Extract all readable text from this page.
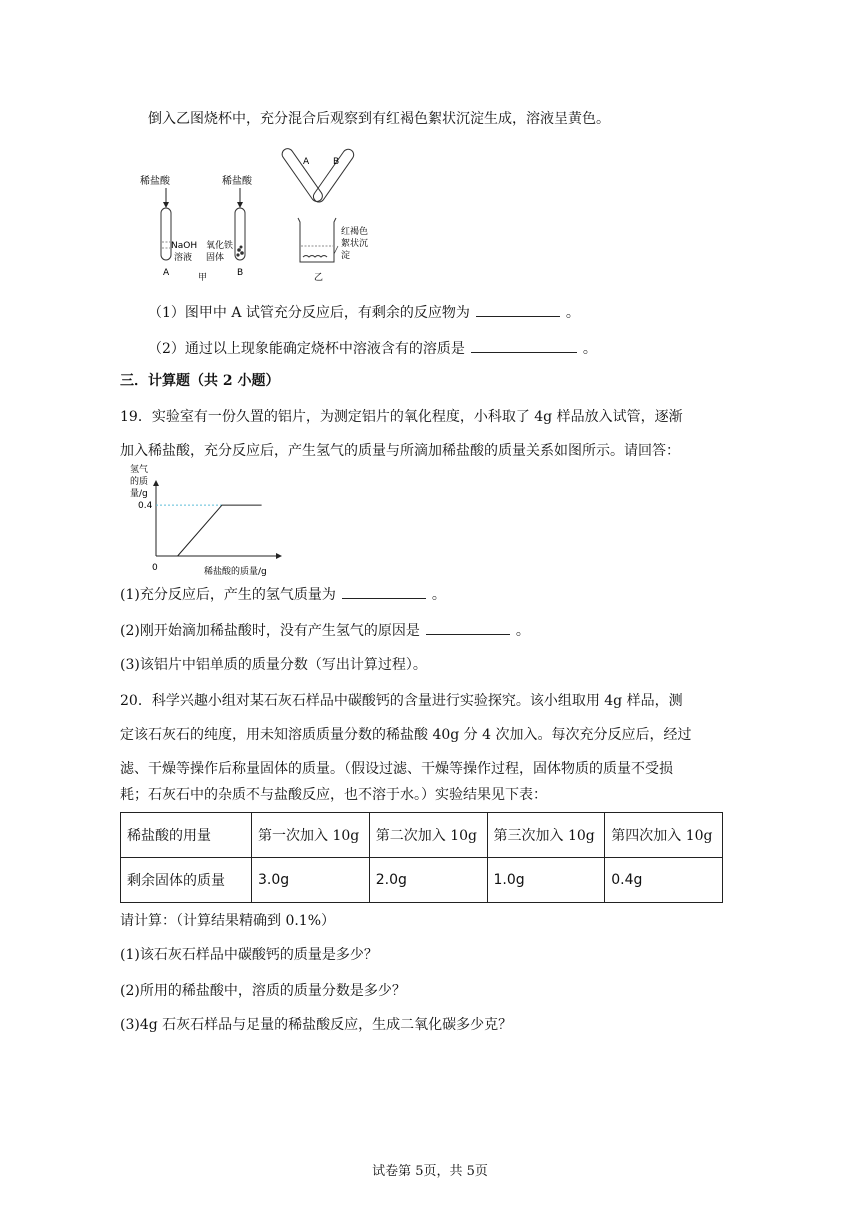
倒入乙图烧杯中，充分混合后观察到有红褐色絮状沉淀生成，溶液呈黄色。
稀盐酸
NaOH
溶液
A
稀盐酸
氧化铁
固体
B
甲
A	B
红褐色
絮状沉
淀
乙
（1）图甲中 A 试管充分反应后，有剩余的反应物为	。
（2）通过以上现象能确定烧杯中溶液含有的溶质是	。
三．计算题（共 2 小题）
19．实验室有一份久置的铝片，为测定铝片的氧化程度，小科取了 4g 样品放入试管，逐渐
加入稀盐酸，充分反应后，产生氢气的质量与所滴加稀盐酸的质量关系如图所示。请回答：
氢气
的质
量/g
0
0.4
稀盐酸的质量/g
(1)充分反应后，产生的氢气质量为	。
(2)刚开始滴加稀盐酸时，没有产生氢气的原因是	。
(3)该铝片中铝单质的质量分数（写出计算过程）。
20．科学兴趣小组对某石灰石样品中碳酸钙的含量进行实验探究。该小组取用 4g 样品，测
定该石灰石的纯度，用未知溶质质量分数的稀盐酸 40g 分 4 次加入。每次充分反应后，经过
滤、干燥等操作后称量固体的质量。（假设过滤、干燥等操作过程，固体物质的质量不受损
耗；石灰石中的杂质不与盐酸反应，也不溶于水。）实验结果见下表：
稀盐酸的用量	第一次加入 10g	第二次加入 10g	第三次加入 10g	第四次加入 10g
剩余固体的质量	3.0g	2.0g	1.0g	0.4g
请计算：（计算结果精确到 0.1%）
(1)该石灰石样品中碳酸钙的质量是多少？
(2)所用的稀盐酸中，溶质的质量分数是多少？
(3)4g 石灰石样品与足量的稀盐酸反应，生成二氧化碳多少克？
试卷第 5页，共 5页
